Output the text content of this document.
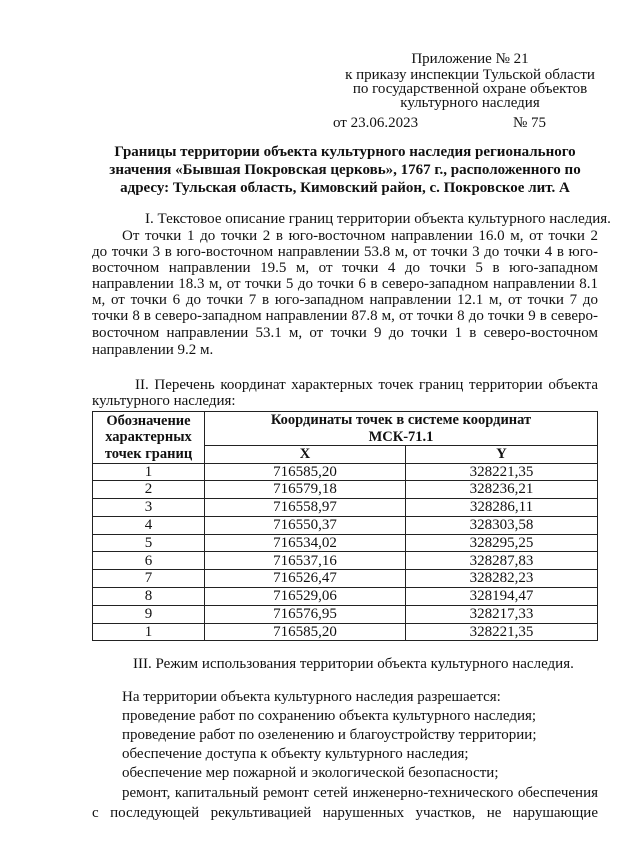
Приложение № 21
к приказу инспекции Тульской области
по государственной охране объектов
культурного наследия
от 23.06.2023	№ 75
Границы территории объекта культурного наследия регионального
значения «Бывшая Покровская церковь», 1767 г., расположенного по
адресу: Тульская область, Кимовский район, с. Покровское лит. А
I. Текстовое описание границ территории объекта культурного наследия.
От точки 1 до точки 2 в юго-восточном направлении 16.0 м, от точки 2
до точки 3 в юго-восточном направлении 53.8 м, от точки 3 до точки 4 в юго-
восточном направлении 19.5 м, от точки 4 до точки 5 в юго-западном
направлении 18.3 м, от точки 5 до точки 6 в северо-западном направлении 8.1
м, от точки 6 до точки 7 в юго-западном направлении 12.1 м, от точки 7 до
точки 8 в северо-западном направлении 87.8 м, от точки 8 до точки 9 в северо-
восточном направлении 53.1 м, от точки 9 до точки 1 в северо-восточном
направлении 9.2 м.
II. Перечень координат характерных точек границ территории объекта
культурного наследия:
Обозначение характерных точек границ	Координаты точек в системе координат
МСК-71.1	
	X	Y
1	716585,20	328221,35
2	716579,18	328236,21
3	716558,97	328286,11
4	716550,37	328303,58
5	716534,02	328295,25
6	716537,16	328287,83
7	716526,47	328282,23
8	716529,06	328194,47
9	716576,95	328217,33
1	716585,20	328221,35
III. Режим использования территории объекта культурного наследия.
На территории объекта культурного наследия разрешается:
проведение работ по сохранению объекта культурного наследия;
проведение работ по озеленению и благоустройству территории;
обеспечение доступа к объекту культурного наследия;
обеспечение мер пожарной и экологической безопасности;
ремонт, капитальный ремонт сетей инженерно-технического обеспечения
с последующей рекультивацией нарушенных участков, не нарушающие
